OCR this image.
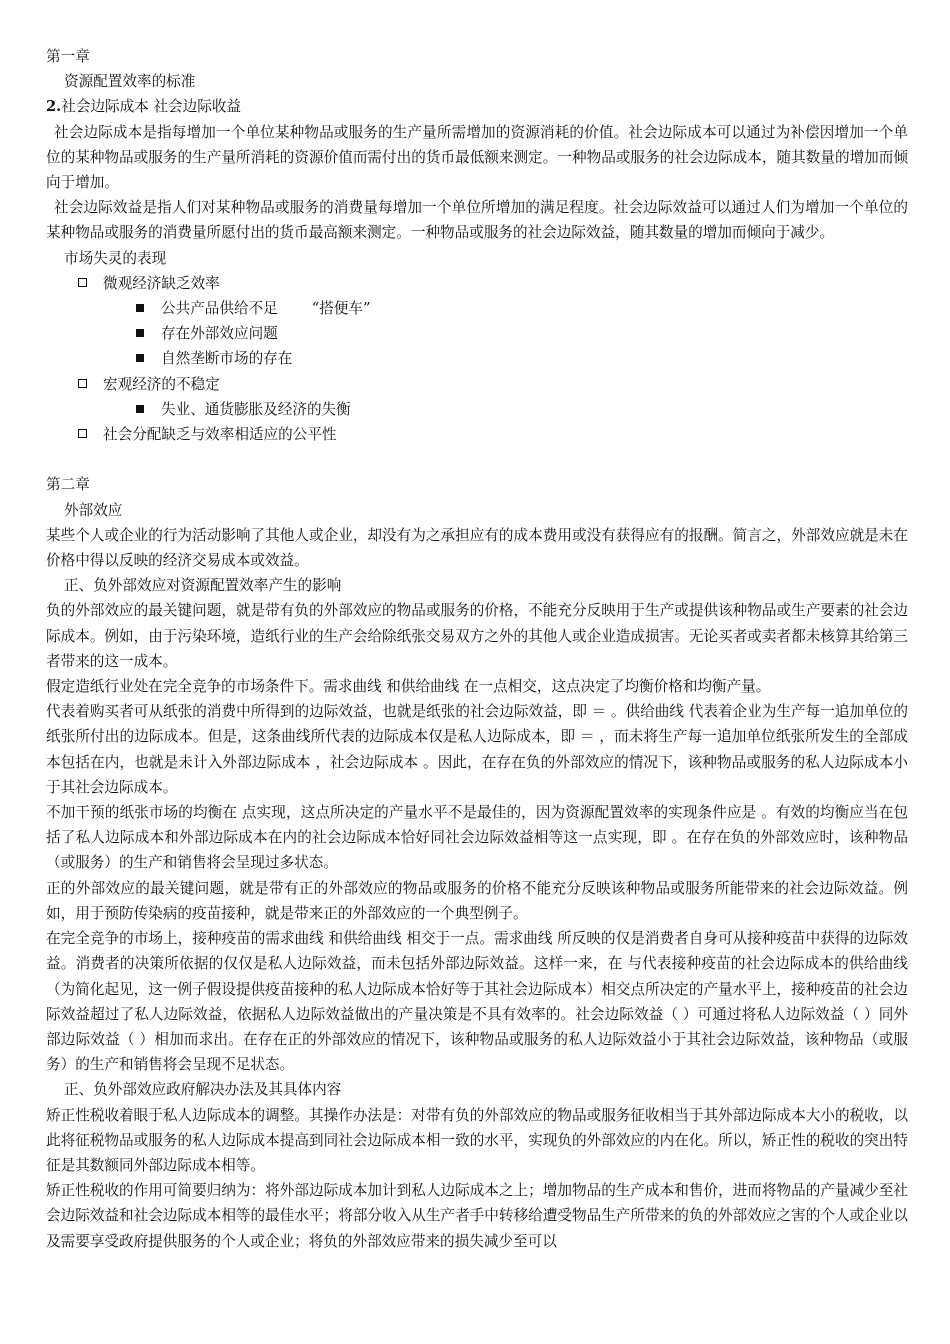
第一章
资源配置效率的标准
2.社会边际成本 社会边际收益
社会边际成本是指每增加一个单位某种物品或服务的生产量所需增加的资源消耗的价值。社会边际成本可以通过为补偿因增加一个单位的某种物品或服务的生产量所消耗的资源价值而需付出的货币最低额来测定。一种物品或服务的社会边际成本，随其数量的增加而倾向于增加。
社会边际效益是指人们对某种物品或服务的消费量每增加一个单位所增加的满足程度。社会边际效益可以通过人们为增加一个单位的某种物品或服务的消费量所愿付出的货币最高额来测定。一种物品或服务的社会边际效益，随其数量的增加而倾向于减少。
市场失灵的表现
微观经济缺乏效率
公共产品供给不足 “搭便车”
存在外部效应问题
自然垄断市场的存在
宏观经济的不稳定
失业、通货膨胀及经济的失衡
社会分配缺乏与效率相适应的公平性
第二章
外部效应
某些个人或企业的行为活动影响了其他人或企业，却没有为之承担应有的成本费用或没有获得应有的报酬。简言之，外部效应就是未在价格中得以反映的经济交易成本或效益。
正、负外部效应对资源配置效率产生的影响
负的外部效应的最关键问题，就是带有负的外部效应的物品或服务的价格，不能充分反映用于生产或提供该种物品或生产要素的社会边际成本。例如，由于污染环境，造纸行业的生产会给除纸张交易双方之外的其他人或企业造成损害。无论买者或卖者都未核算其给第三者带来的这一成本。
假定造纸行业处在完全竞争的市场条件下。需求曲线 和供给曲线 在一点相交，这点决定了均衡价格和均衡产量。
代表着购买者可从纸张的消费中所得到的边际效益，也就是纸张的社会边际效益，即 ＝ 。供给曲线 代表着企业为生产每一追加单位的纸张所付出的边际成本。但是，这条曲线所代表的边际成本仅是私人边际成本，即 ＝ ，而未将生产每一追加单位纸张所发生的全部成本包括在内，也就是未计入外部边际成本 ，社会边际成本 。因此，在存在负的外部效应的情况下，该种物品或服务的私人边际成本小于其社会边际成本。
不加干预的纸张市场的均衡在 点实现，这点所决定的产量水平不是最佳的，因为资源配置效率的实现条件应是 。有效的均衡应当在包括了私人边际成本和外部边际成本在内的社会边际成本恰好同社会边际效益相等这一点实现，即 。在存在负的外部效应时，该种物品（或服务）的生产和销售将会呈现过多状态。
正的外部效应的最关键问题，就是带有正的外部效应的物品或服务的价格不能充分反映该种物品或服务所能带来的社会边际效益。例如，用于预防传染病的疫苗接种，就是带来正的外部效应的一个典型例子。
在完全竞争的市场上，接种疫苗的需求曲线 和供给曲线 相交于一点。需求曲线 所反映的仅是消费者自身可从接种疫苗中获得的边际效益。消费者的决策所依据的仅仅是私人边际效益，而未包括外部边际效益。这样一来，在 与代表接种疫苗的社会边际成本的供给曲线 （为简化起见，这一例子假设提供疫苗接种的私人边际成本恰好等于其社会边际成本）相交点所决定的产量水平上，接种疫苗的社会边际效益超过了私人边际效益，依据私人边际效益做出的产量决策是不具有效率的。社会边际效益（ ）可通过将私人边际效益（ ）同外部边际效益（ ）相加而求出。在存在正的外部效应的情况下，该种物品或服务的私人边际效益小于其社会边际效益，该种物品（或服务）的生产和销售将会呈现不足状态。
正、负外部效应政府解决办法及其具体内容
矫正性税收着眼于私人边际成本的调整。其操作办法是：对带有负的外部效应的物品或服务征收相当于其外部边际成本大小的税收，以此将征税物品或服务的私人边际成本提高到同社会边际成本相一致的水平，实现负的外部效应的内在化。所以，矫正性的税收的突出特征是其数额同外部边际成本相等。
矫正性税收的作用可简要归纳为：将外部边际成本加计到私人边际成本之上；增加物品的生产成本和售价，进而将物品的产量减少至社会边际效益和社会边际成本相等的最佳水平；将部分收入从生产者手中转移给遭受物品生产所带来的负的外部效应之害的个人或企业以及需要享受政府提供服务的个人或企业；将负的外部效应带来的损失减少至可以
